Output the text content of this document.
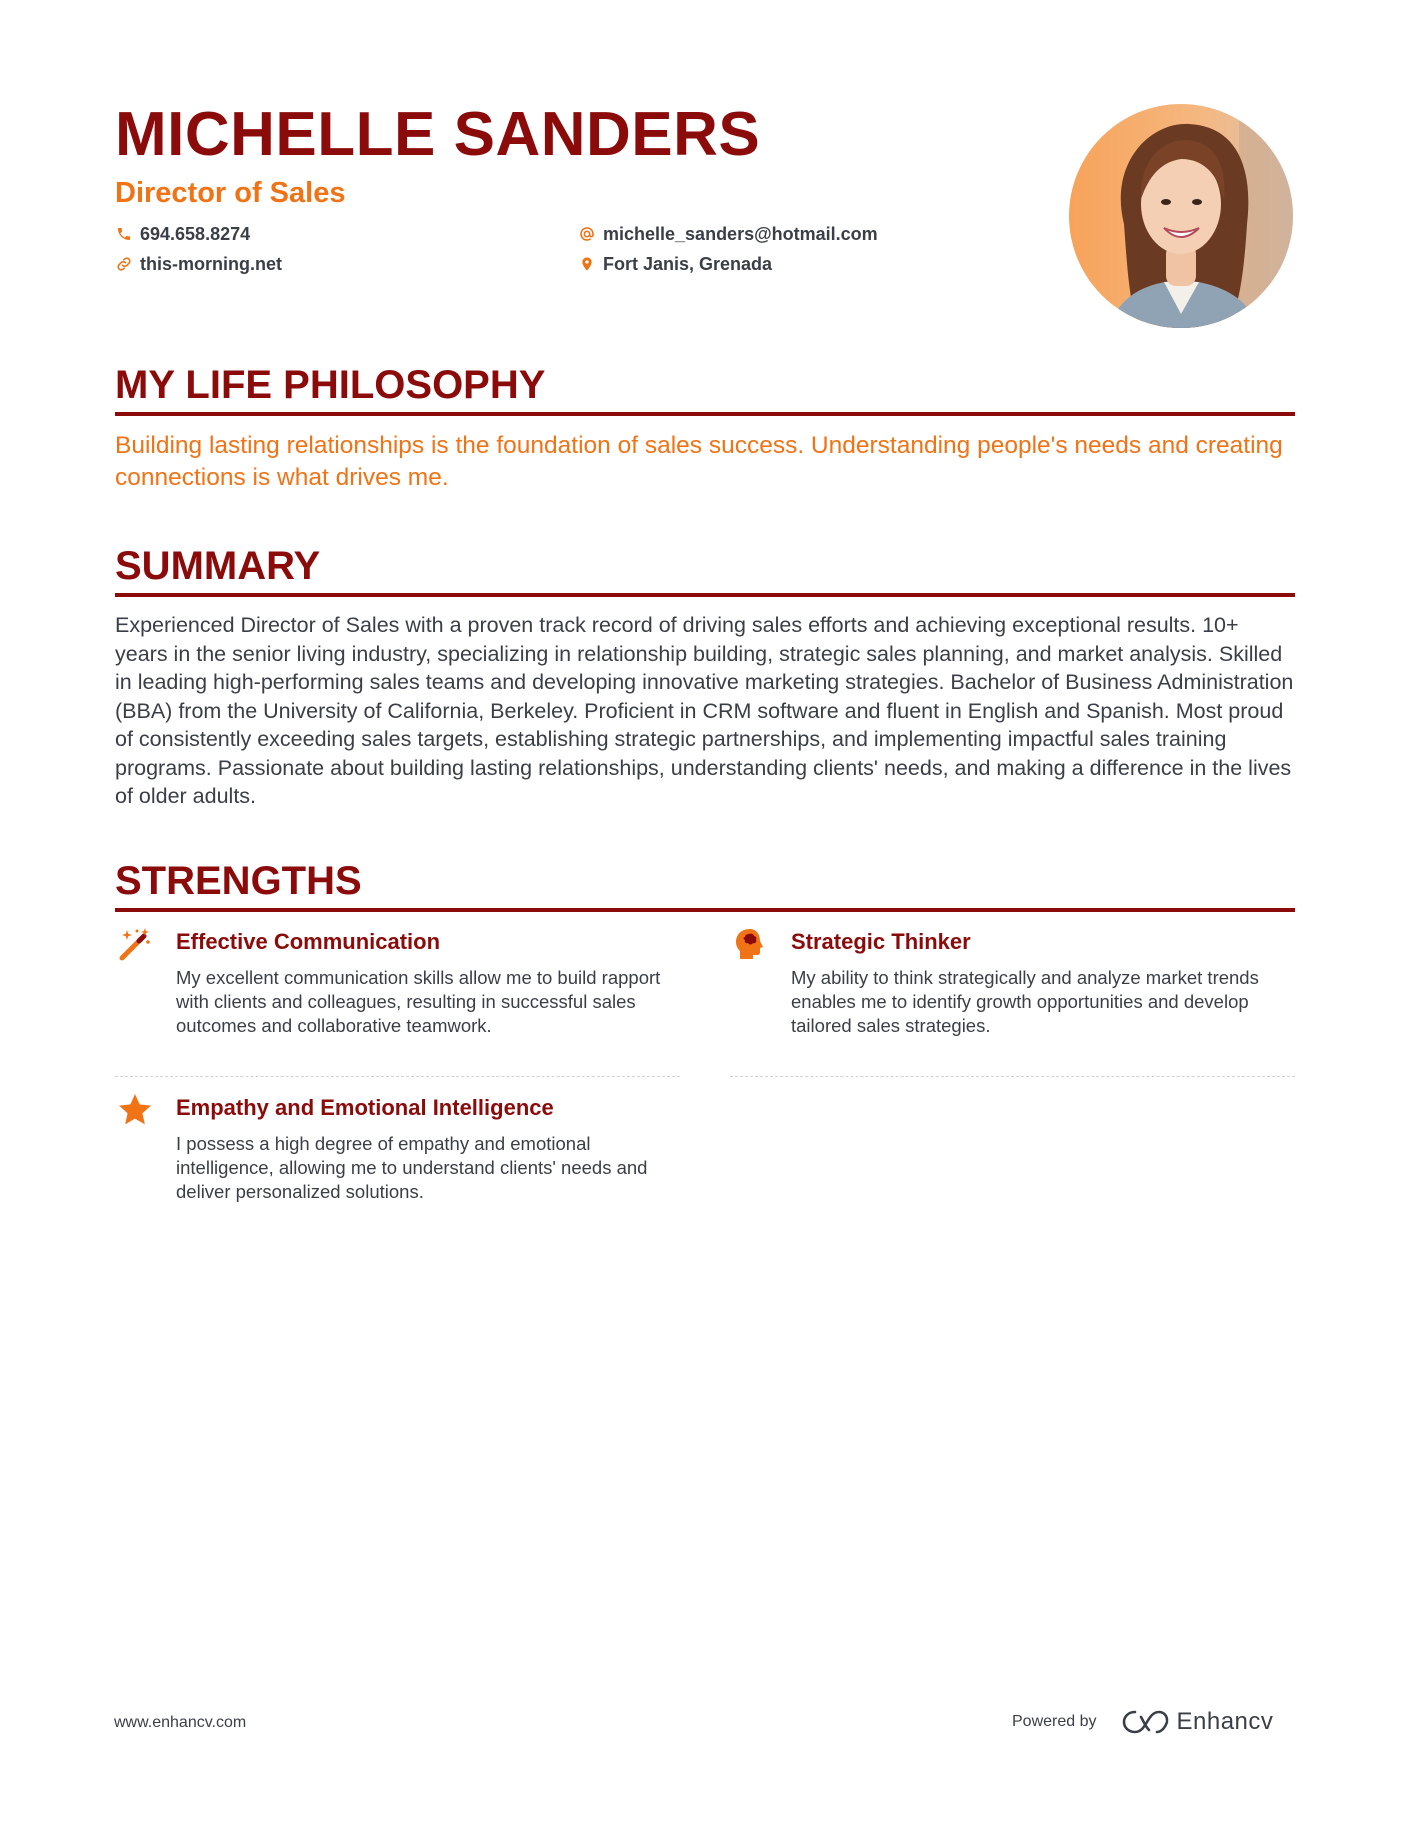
MICHELLE SANDERS
Director of Sales
694.658.8274	michelle_sanders@hotmail.com
this-morning.net	Fort Janis, Grenada
MY LIFE PHILOSOPHY

Building lasting relationships is the foundation of sales success. Understanding people's needs and creating connections is what drives me.

SUMMARY

Experienced Director of Sales with a proven track record of driving sales efforts and achieving exceptional results. 10+ years in the senior living industry, specializing in relationship building, strategic sales planning, and market analysis. Skilled in leading high-performing sales teams and developing innovative marketing strategies. Bachelor of Business Administration (BBA) from the University of California, Berkeley. Proficient in CRM software and fluent in English and Spanish. Most proud of consistently exceeding sales targets, establishing strategic partnerships, and implementing impactful sales training programs. Passionate about building lasting relationships, understanding clients' needs, and making a difference in the lives of older adults.

STRENGTHS
Effective Communication

My excellent communication skills allow me to build rapport with clients and colleagues, resulting in successful sales outcomes and collaborative teamwork.

Strategic Thinker

My ability to think strategically and analyze market trends enables me to identify growth opportunities and develop tailored sales strategies.

Empathy and Emotional Intelligence

I possess a high degree of empathy and emotional intelligence, allowing me to understand clients' needs and deliver personalized solutions.

www.enhancv.com	Powered by	Enhancv
